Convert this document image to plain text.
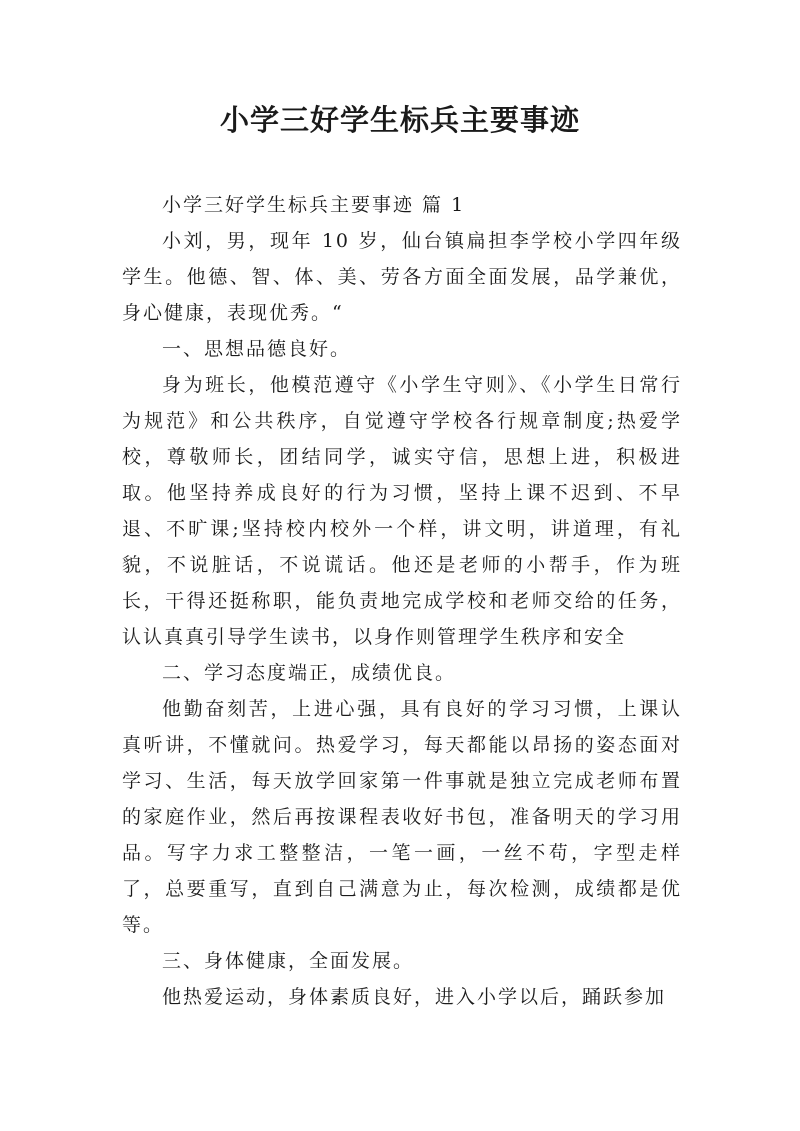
小学三好学生标兵主要事迹

小学三好学生标兵主要事迹 篇 1

小刘，男，现年 10 岁，仙台镇扁担李学校小学四年级学生。他德、智、体、美、劳各方面全面发展，品学兼优，身心健康，表现优秀。“

一、思想品德良好。

身为班长，他模范遵守《小学生守则》、《小学生日常行为规范》和公共秩序，自觉遵守学校各行规章制度;热爱学校，尊敬师长，团结同学，诚实守信，思想上进，积极进取。他坚持养成良好的行为习惯，坚持上课不迟到、不早退、不旷课;坚持校内校外一个样，讲文明，讲道理，有礼貌，不说脏话，不说谎话。他还是老师的小帮手，作为班长，干得还挺称职，能负责地完成学校和老师交给的任务，认认真真引导学生读书，以身作则管理学生秩序和安全

二、学习态度端正，成绩优良。

他勤奋刻苦，上进心强，具有良好的学习习惯，上课认真听讲，不懂就问。热爱学习，每天都能以昂扬的姿态面对学习、生活，每天放学回家第一件事就是独立完成老师布置的家庭作业，然后再按课程表收好书包，准备明天的学习用品。写字力求工整整洁，一笔一画，一丝不苟，字型走样了，总要重写，直到自己满意为止，每次检测，成绩都是优等。

三、身体健康，全面发展。

他热爱运动，身体素质良好，进入小学以后，踊跃参加
